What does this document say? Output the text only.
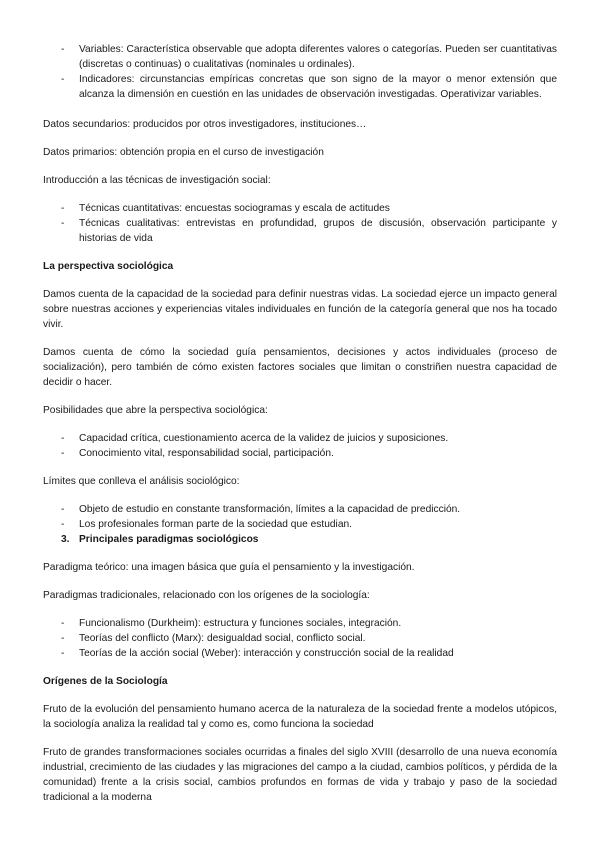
- Variables: Característica observable que adopta diferentes valores o categorías. Pueden ser cuantitativas (discretas o continuas) o cualitativas (nominales u ordinales).
- Indicadores: circunstancias empíricas concretas que son signo de la mayor o menor extensión que alcanza la dimensión en cuestión en las unidades de observación investigadas. Operativizar variables.

Datos secundarios: producidos por otros investigadores, instituciones…

Datos primarios: obtención propia en el curso de investigación

Introducción a las técnicas de investigación social:

- Técnicas cuantitativas: encuestas sociogramas y escala de actitudes
- Técnicas cualitativas: entrevistas en profundidad, grupos de discusión, observación participante y historias de vida

La perspectiva sociológica

Damos cuenta de la capacidad de la sociedad para definir nuestras vidas. La sociedad ejerce un impacto general sobre nuestras acciones y experiencias vitales individuales en función de la categoría general que nos ha tocado vivir.

Damos cuenta de cómo la sociedad guía pensamientos, decisiones y actos individuales (proceso de socialización), pero también de cómo existen factores sociales que limitan o constriñen nuestra capacidad de decidir o hacer.

Posibilidades que abre la perspectiva sociológica:

- Capacidad crítica, cuestionamiento acerca de la validez de juicios y suposiciones.
- Conocimiento vital, responsabilidad social, participación.

Límites que conlleva el análisis sociológico:

- Objeto de estudio en constante transformación, límites a la capacidad de predicción.
- Los profesionales forman parte de la sociedad que estudian.
3. Principales paradigmas sociológicos

Paradigma teórico: una imagen básica que guía el pensamiento y la investigación.

Paradigmas tradicionales, relacionado con los orígenes de la sociología:

- Funcionalismo (Durkheim): estructura y funciones sociales, integración.
- Teorías del conflicto (Marx): desigualdad social, conflicto social.
- Teorías de la acción social (Weber): interacción y construcción social de la realidad

Orígenes de la Sociología

Fruto de la evolución del pensamiento humano acerca de la naturaleza de la sociedad frente a modelos utópicos, la sociología analiza la realidad tal y como es, como funciona la sociedad

Fruto de grandes transformaciones sociales ocurridas a finales del siglo XVIII (desarrollo de una nueva economía industrial, crecimiento de las ciudades y las migraciones del campo a la ciudad, cambios políticos, y pérdida de la comunidad) frente a la crisis social, cambios profundos en formas de vida y trabajo y paso de la sociedad tradicional a la moderna
